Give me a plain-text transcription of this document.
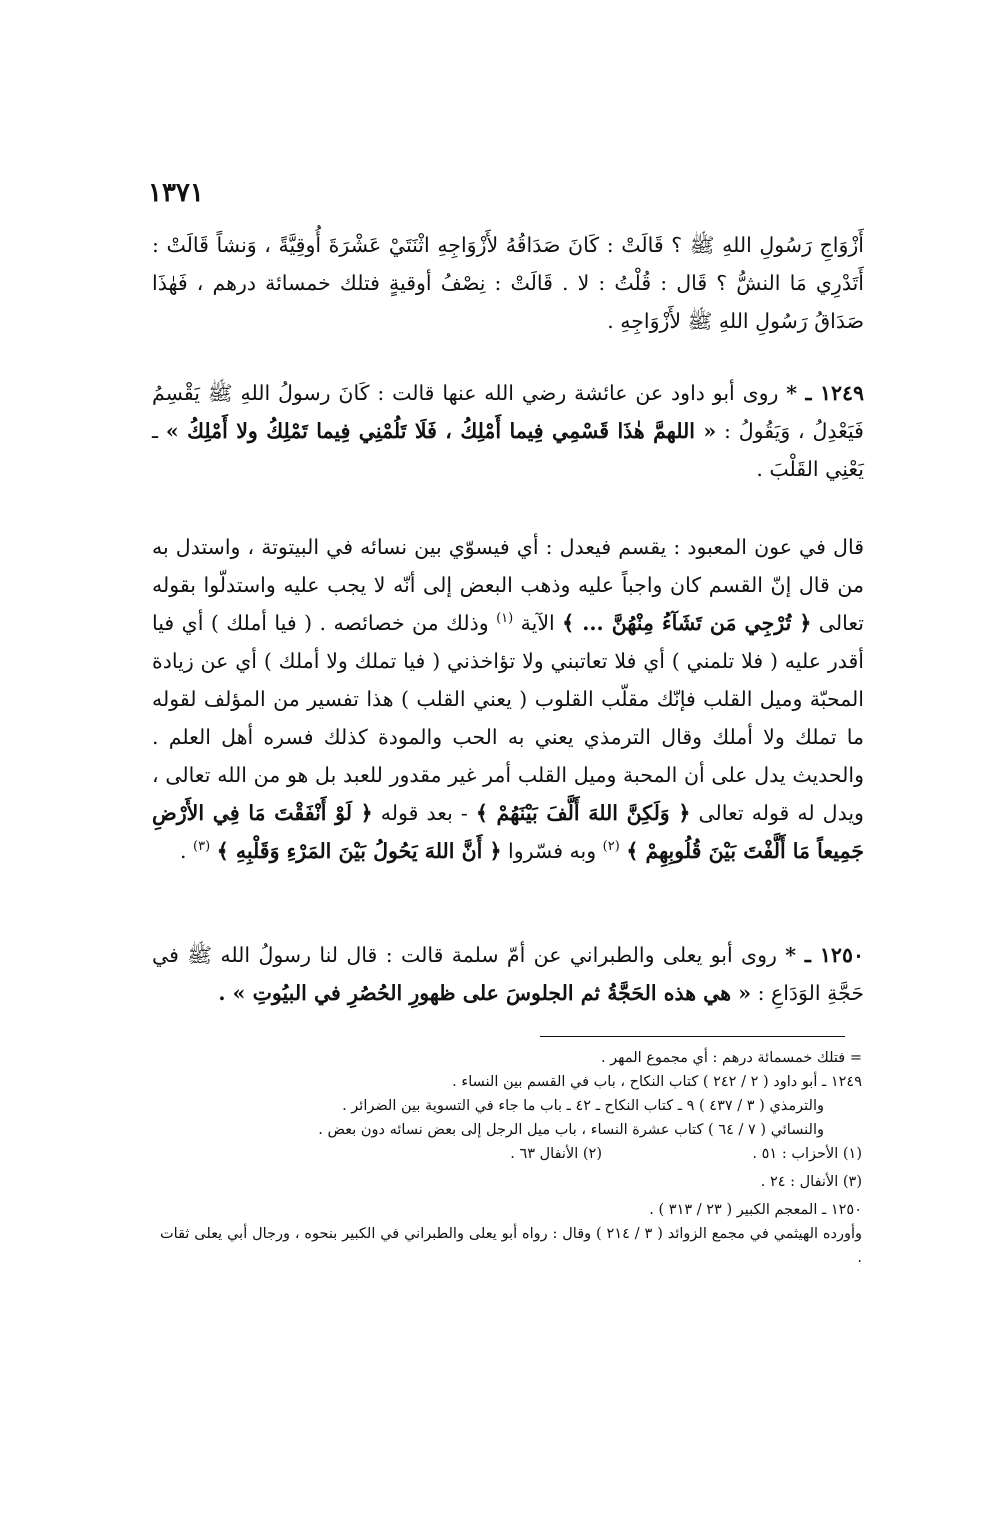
١٣٧١

أَزْوَاجِ رَسُولِ اللهِ ﷺ ؟ قَالَتْ : كَانَ صَدَاقُهُ لأَزْوَاجِهِ اثْنَتَيْ عَشْرَةَ أُوقِيَّةً ، وَنشاً قَالَتْ : أَتَدْرِي مَا النشُّ ؟ قَال : قُلْتُ : لا . قَالَتْ : نِصْفُ أوقيةٍ فتلك خمسائة درهم ، فَهٰذَا صَدَاقُ رَسُولِ اللهِ ﷺ لأَزْوَاجِهِ .

١٢٤٩ ـ * روى أبو داود عن عائشة رضي الله عنها قالت : كَانَ رسولُ اللهِ ﷺ يَقْسِمُ فَيَعْدِلُ ، وَيَقُولُ : « اللهمَّ هٰذَا قَسْمِي فِيما أَمْلِكُ ، فَلَا تَلُمْنِي فِيما تَمْلِكُ ولا أَمْلِكُ » ـ يَعْنِي القَلْبَ .

قال في عون المعبود : يقسم فيعدل : أي فيسوّي بين نسائه في البيتوتة ، واستدل به من قال إنّ القسم كان واجباً عليه وذهب البعض إلى أنّه لا يجب عليه واستدلّوا بقوله تعالى ﴿ تُرْجِي مَن تَشَآءُ مِنْهُنَّ ... ﴾ الآية $^{(١)}$ وذلك من خصائصه . ( فيا أملك ) أي فيا أقدر عليه ( فلا تلمني ) أي فلا تعاتبني ولا تؤاخذني ( فيا تملك ولا أملك ) أي عن زيادة المحبّة وميل القلب فإنّك مقلّب القلوب ( يعني القلب ) هذا تفسير من المؤلف لقوله ما تملك ولا أملك وقال الترمذي يعني به الحب والمودة كذلك فسره أهل العلم . والحديث يدل على أن المحبة وميل القلب أمر غير مقدور للعبد بل هو من الله تعالى ، ويدل له قوله تعالى ﴿ وَلَكِنَّ اللهَ أَلَّفَ بَيْنَهُمْ ﴾ - بعد قوله ﴿ لَوْ أَنْفَقْتَ مَا فِي الأَرْضِ جَمِيعاً مَا أَلَّفْتَ بَيْنَ قُلُوبِهِمْ ﴾ $^{(٢)}$ وبه فسّروا ﴿ أَنَّ اللهَ يَحُولُ بَيْنَ المَرْءِ وَقَلْبِهِ ﴾ $^{(٣)}$ .

١٢٥٠ ـ * روى أبو يعلى والطبراني عن أمّ سلمة قالت : قال لنا رسولُ الله ﷺ في حَجَّةِ الوَدَاعِ : « هي هذه الحَجَّةُ ثم الجلوسَ على ظهورِ الحُصُرِ في البيُوتِ » .

= فتلك خمسمائة درهم : أي مجموع المهر .
١٢٤٩ ـ أبو داود ( ٢ / ٢٤٢ ) كتاب النكاح ، باب في القسم بين النساء .
والترمذي ( ٣ / ٤٣٧ ) ٩ ـ كتاب النكاح ـ ٤٢ ـ باب ما جاء في التسوية بين الضرائر .
والنسائي ( ٧ / ٦٤ ) كتاب عشرة النساء ، باب ميل الرجل إلى بعض نسائه دون بعض .
(١) الأحزاب : ٥١ .
(٢) الأنفال ٦٣ .
(٣) الأنفال : ٢٤ .
١٢٥٠ ـ المعجم الكبير ( ٢٣ / ٣١٣ ) .
وأورده الهيثمي في مجمع الزوائد ( ٣ / ٢١٤ ) وقال : رواه أبو يعلى والطبراني في الكبير بنحوه ، ورجال أبي يعلى ثقات .
